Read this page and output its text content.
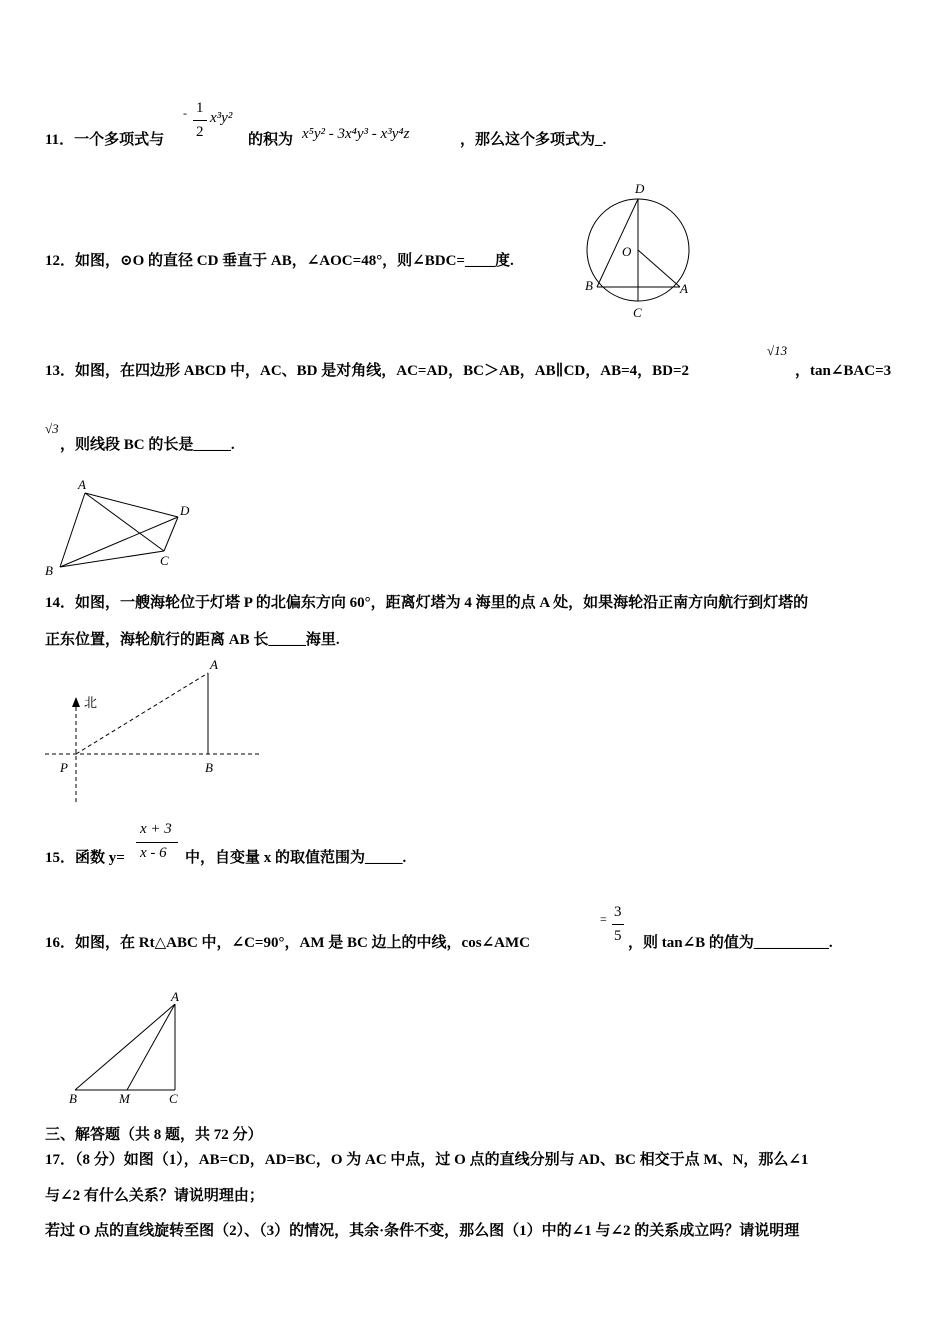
11．一个多项式与
- 1
2
x³y²
的积为 x⁵y² - 3x⁴y³ - x³y⁴z	，那么这个多项式为_.
12．如图，⊙O 的直径 CD 垂直于 AB，∠AOC=48°，则∠BDC=____度.
D
O
B	A
C
13．如图，在四边形 ABCD 中，AC、BD 是对角线，AC=AD，BC＞AB，AB∥CD，AB=4，BD=2
√13
，tan∠BAC=3
√3
，则线段 BC 的长是_____.
A
D
B
C
14．如图，一艘海轮位于灯塔 P 的北偏东方向 60°，距离灯塔为 4 海里的点 A 处，如果海轮沿正南方向航行到灯塔的
正东位置，海轮航行的距离 AB 长_____海里.
北
A
P	B
15．函数 y=
x + 3
x - 6 中，自变量 x 的取值范围为_____.
16．如图，在 Rt△ABC 中，∠C=90°，AM 是 BC 边上的中线，cos∠AMC
= 3
5 ，则 tan∠B 的值为__________.
A
B	M	C
三、解答题（共 8 题，共 72 分）
17．（8 分）如图（1），AB=CD，AD=BC，O 为 AC 中点，过 O 点的直线分别与 AD、BC 相交于点 M、N，那么∠1
与∠2 有什么关系？请说明理由；
若过 O 点的直线旋转至图（2）、（3）的情况，其余·条件不变，那么图（1）中的∠1 与∠2 的关系成立吗？请说明理
